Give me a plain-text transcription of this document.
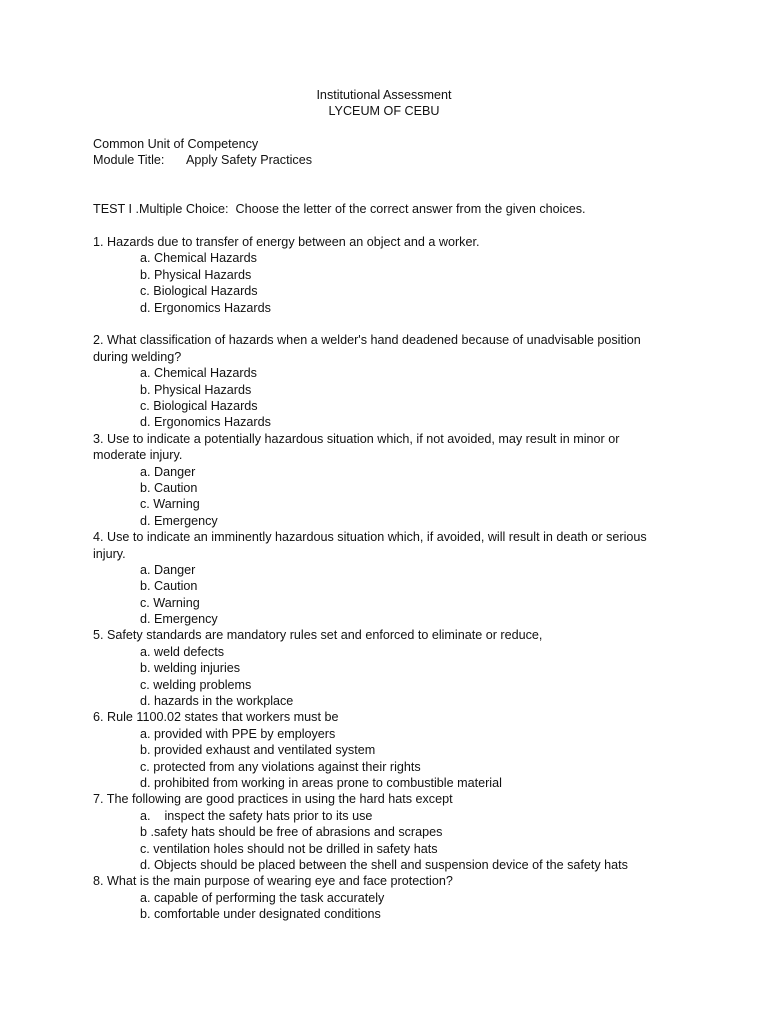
Institutional Assessment
LYCEUM OF CEBU
Common Unit of Competency
Module Title: Apply Safety Practices
TEST I .Multiple Choice:  Choose the letter of the correct answer from the given choices.
1. Hazards due to transfer of energy between an object and a worker.
a. Chemical Hazards
b. Physical Hazards
c. Biological Hazards
d. Ergonomics Hazards
2. What classification of hazards when a welder's hand deadened because of unadvisable position during welding?
a. Chemical Hazards
b. Physical Hazards
c. Biological Hazards
d. Ergonomics Hazards
3. Use to indicate a potentially hazardous situation which, if not avoided, may result in minor or moderate injury.
a. Danger
b. Caution
c. Warning
d. Emergency
4. Use to indicate an imminently hazardous situation which, if avoided, will result in death or serious injury.
a. Danger
b. Caution
c. Warning
d. Emergency
5. Safety standards are mandatory rules set and enforced to eliminate or reduce,
a. weld defects
b. welding injuries
c. welding problems
d. hazards in the workplace
6. Rule 1100.02 states that workers must be
a. provided with PPE by employers
b. provided exhaust and ventilated system
c. protected from any violations against their rights
d. prohibited from working in areas prone to combustible material
7. The following are good practices in using the hard hats except
a.    inspect the safety hats prior to its use
b .safety hats should be free of abrasions and scrapes
c. ventilation holes should not be drilled in safety hats
d. Objects should be placed between the shell and suspension device of the safety hats
8. What is the main purpose of wearing eye and face protection?
a. capable of performing the task accurately
b. comfortable under designated conditions
